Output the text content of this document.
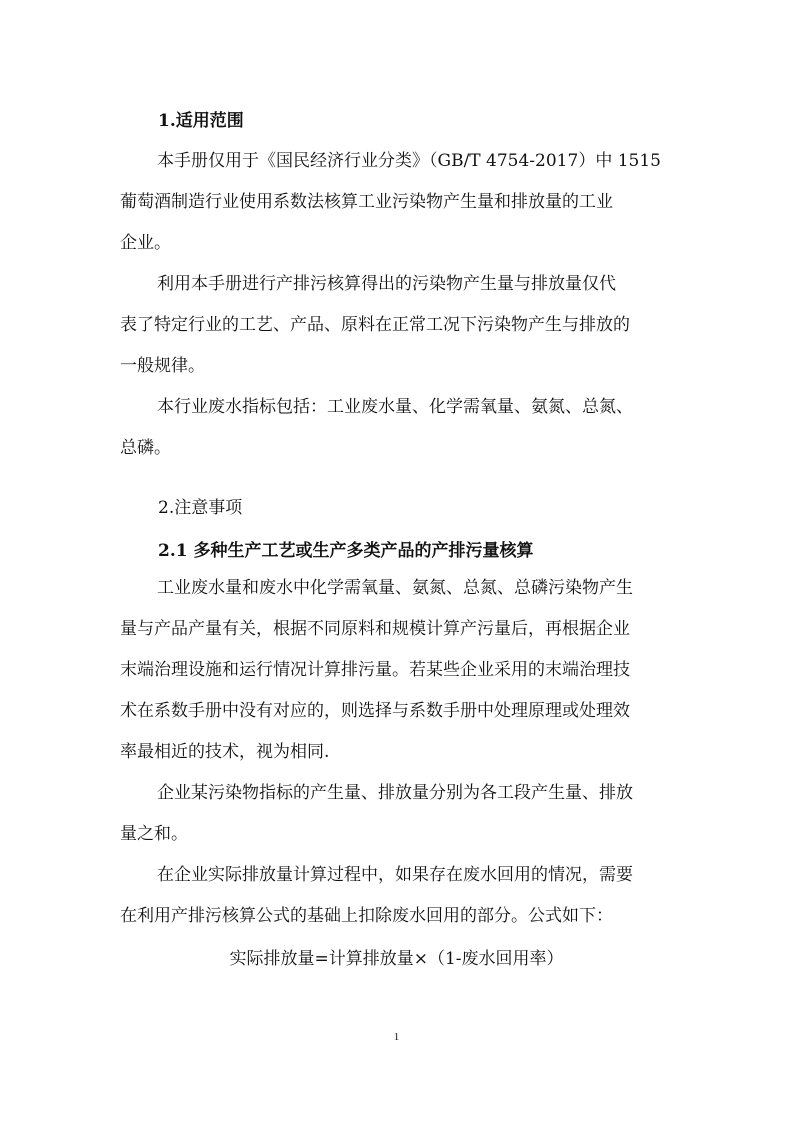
1.适用范围

本手册仅用于《国民经济行业分类》（GB/T 4754-2017）中 1515
葡萄酒制造行业使用系数法核算工业污染物产生量和排放量的工业
企业。

利用本手册进行产排污核算得出的污染物产生量与排放量仅代
表了特定行业的工艺、产品、原料在正常工况下污染物产生与排放的
一般规律。

本行业废水指标包括：工业废水量、化学需氧量、氨氮、总氮、
总磷。

2.注意事项
2.1 多种生产工艺或生产多类产品的产排污量核算

工业废水量和废水中化学需氧量、氨氮、总氮、总磷污染物产生
量与产品产量有关，根据不同原料和规模计算产污量后，再根据企业
末端治理设施和运行情况计算排污量。若某些企业采用的末端治理技
术在系数手册中没有对应的，则选择与系数手册中处理原理或处理效
率最相近的技术，视为相同.

企业某污染物指标的产生量、排放量分别为各工段产生量、排放
量之和。

在企业实际排放量计算过程中，如果存在废水回用的情况，需要
在利用产排污核算公式的基础上扣除废水回用的部分。公式如下：

实际排放量=计算排放量×（1-废水回用率）
1
